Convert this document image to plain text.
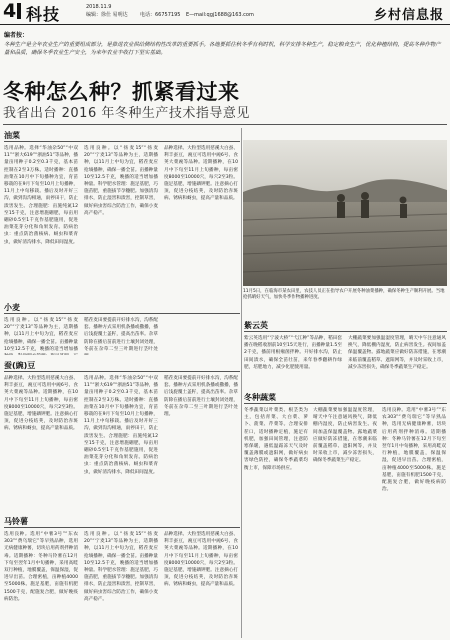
4 科技	2018.11.9
编辑：徐仕 易明达 电话：66757195 E—mail:qgj1688@163.com	乡村信息报
编者按：
冬种生产是全年农业生产的重要组成部分，是推进农业供给侧结构性改革的重要抓手。各地要抓住秋冬季有利时机，科学安排冬种生产，稳定粮食生产，优化种植结构，提高冬种作物产量和品质，确保冬季农业生产安全，为来年农业丰收打下坚实基础。
冬种怎么种？抓紧看过来
我省出台 2016 年冬种生产技术指导意见
油菜
选用品种。选择“华油杂50”“中双11”“浙大619”“浙油51”等品种，播量亩用种子0.2至0.3千克，基本苗控制在2至3万株。适时播种：直播油菜在10月中下旬播种为宜，育苗移栽的在9月下旬至10月上旬播种，11月上中旬移栽。播后及时开好三沟，做到沟沟相通，雨停田干，防止渍害发生。合理施肥：亩施纯氮12至15千克，注意增施硼肥，每亩用硼砂0.5至1千克作基肥施用，促进油菜花芽分化和角果发育。防病治虫：重点防治菌核病、蚜虫和菜青虫，做好清沟排水，降低田间湿度。
选用良种。以“扬麦15”“扬麦20”“宁麦13”等品种为主，适期播种，以11月上中旬为宜，稻茬麦应抢墒播种，确保一播全苗。亩播种量10至12.5千克，晚播的适当增加播种量。科学肥水管理：施足基肥，巧施苗肥，重施拔节孕穗肥。加强清沟排水，防止湿害和渍害，控制草害，做好病虫害综合防治工作，确保小麦高产稳产。
品种选择。大粒型选用慈溪大白蚕、利丰蚕豆，豌豆可选用中豌6号、食荚大菜豌等品种。适期播种，在10月中下旬至11月上旬播种，每亩密度8000至10000穴，每穴2至3粒。施足基肥，增施磷钾肥。注意摘心打顶，促进分枝结荚，及时防治赤斑病、锈病和蚜虫，提高产量和品质。
11月5日，在临海市某农田里，农技人员正在指导农户开展冬种油菜播种，确保冬种生产顺利开展。当地抢抓晴好天气，加快冬季作物播种进度。
小麦
选用良种。以“扬麦15”“扬麦20”“宁麦13”等品种为主，适期播种，以11月上中旬为宜，稻茬麦应抢墒播种，确保一播全苗。亩播种量10至12.5千克，晚播的适当增加播
稻茬麦田要提前开好排水沟，沟系配套。播种方式采用机条播或撒播，播后浅旋覆土盖籽，提高出苗率。杂草防除在播后苗前进行土壤封闭处理，冬前在杂草二至三叶期进行茎叶处
蚕(豌)豆
品种选择。大粒型选用慈溪大白蚕、利丰蚕豆，豌豆可选用中豌6号、食荚大菜豌等品种。适期播种，在10月中下旬至11月上旬播种，每亩密度8000至10000穴，每穴2至3粒。施足基肥，增施磷钾肥。注意摘心打顶，促进分枝结荚，及时防治赤斑病、锈病和蚜虫，提高产量和品质。
选用品种。选择“华油杂50”“中双11”“浙大619”“浙油51”等品种，播量亩用种子0.2至0.3千克，基本苗控制在2至3万株。适时播种：直播油菜在10月中下旬播种为宜，育苗移栽的在9月下旬至10月上旬播种，11月上中旬移栽。播后及时开好三沟，做到沟沟相通，雨停田干，防止渍害发生。合理施肥：亩施纯氮12至15千克，注意增施硼肥，每亩用硼砂0.5至1千克作基肥施用，促进油菜花芽分化和角果发育。防病治虫：重点防治菌核病、蚜虫和菜青虫，做好清沟排水，降低田间湿度。
稻茬麦田要提前开好排水沟，沟系配套。播种方式采用机条播或撒播，播后浅旋覆土盖籽，提高出苗率。杂草防除在播后苗前进行土壤封闭处理，冬前在杂草二至三叶期进行茎叶处理。
马铃薯
选用良种。选用“中薯3号”“东农303”“费乌瑞它”等早熟品种，选用无病健康种薯，切块后用药剂拌种消毒。适期播种：冬种马铃薯在12月下旬至翌年1月中旬播种，采用高畦双行种植，地膜覆盖，保温保湿，促进早出苗。合理密植，亩种植4000至5000株。施足基肥，亩施有机肥1500千克，配施复合肥，做好晚疫病防治。
选用良种。以“扬麦15”“扬麦20”“宁麦13”等品种为主，适期播种，以11月上中旬为宜，稻茬麦应抢墒播种，确保一播全苗。亩播种量10至12.5千克，晚播的适当增加播种量。科学肥水管理：施足基肥，巧施苗肥，重施拔节孕穗肥。加强清沟排水，防止湿害和渍害，控制草害，做好病虫害综合防治工作，确保小麦高产稳产。
品种选择。大粒型选用慈溪大白蚕、利丰蚕豆，豌豆可选用中豌6号、食荚大菜豌等品种。适期播种，在10月中下旬至11月上旬播种，每亩密度8000至10000穴，每穴2至3粒。施足基肥，增施磷钾肥。注意摘心打顶，促进分枝结荚，及时防治赤斑病、锈病和蚜虫，提高产量和品质。
紫云英
紫云英选用“宁波大桥”“弋江种”等品种，稻田套播在晚稻收割前10至15天进行，亩播种量1.5至2千克，播前用根瘤菌拌种。开好排水沟，防止田间渍水，确保全苗壮苗，来年春季翻耕作绿肥，培肥地力，减少化肥使用量。
大棚蔬菜要加强温湿度管理，晴天中午注意通风换气，降低棚内湿度，防止病害发生。夜间加盖保温覆盖物。露地蔬菜应做好防冻措施，在寒潮来临前覆盖稻草、遮阳网等，并及时采收上市，减少冻害损失，确保冬季蔬菜生产稳定。
冬种蔬菜
冬季蔬菜以叶菜类、根茎类为主，包括青菜、大白菜、萝卜、菠菜、芹菜等。合理安排茬口，适时播种定植，施足有机肥，加强田间管理，注意防寒保暖，遇低温霜冻天气及时覆盖薄膜或遮阳网，做好病虫害绿色防控，确保冬季蔬菜均衡上市，保障市场供应。
大棚蔬菜要加强温湿度管理，晴天中午注意通风换气，降低棚内湿度，防止病害发生。夜间加盖保温覆盖物。露地蔬菜应做好防冻措施，在寒潮来临前覆盖稻草、遮阳网等，并及时采收上市，减少冻害损失，确保冬季蔬菜生产稳定。
选用良种。选用“中薯3号”“东农303”“费乌瑞它”等早熟品种，选用无病健康种薯，切块后用药剂拌种消毒。适期播种：冬种马铃薯在12月下旬至翌年1月中旬播种，采用高畦双行种植，地膜覆盖，保温保湿，促进早出苗。合理密植，亩种植4000至5000株。施足基肥，亩施有机肥1500千克，配施复合肥，做好晚疫病防治。
